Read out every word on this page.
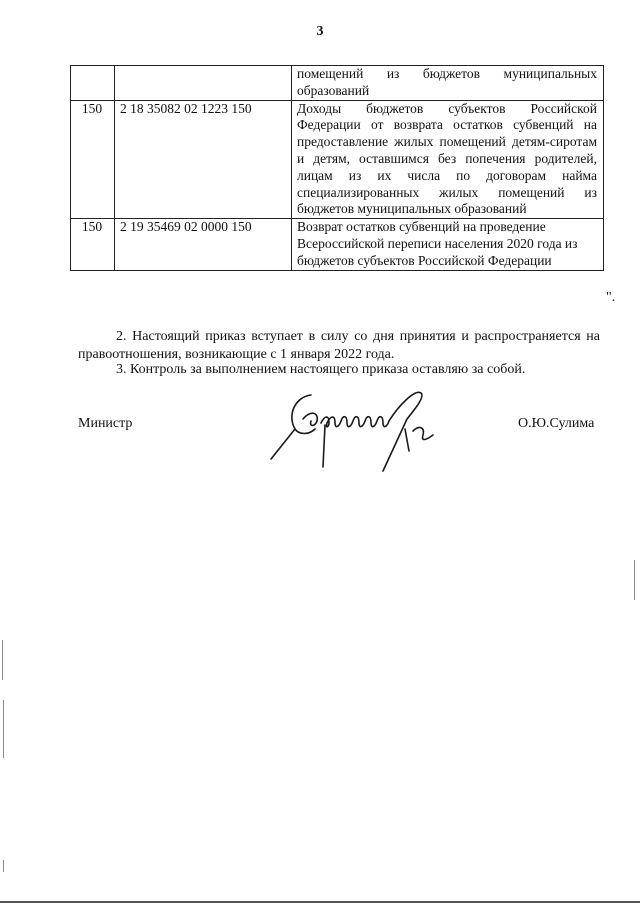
3
		помещений из бюджетов муниципальных образований
150	2 18 35082 02 1223 150	Доходы бюджетов субъектов Российской Федерации от возврата остатков субвенций на предоставление жилых помещений детям-сиротам и детям, оставшимся без попечения родителей, лицам из их числа по договорам найма специализированных жилых помещений из бюджетов муниципальных образований
150	2 19 35469 02 0000 150	Возврат остатков субвенций на проведение Всероссийской переписи населения 2020 года из бюджетов субъектов Российской Федерации
".
2. Настоящий приказ вступает в силу со дня принятия и распространяется на правоотношения, возникающие с 1 января 2022 года.
3. Контроль за выполнением настоящего приказа оставляю за собой.
Министр	О.Ю.Сулима
